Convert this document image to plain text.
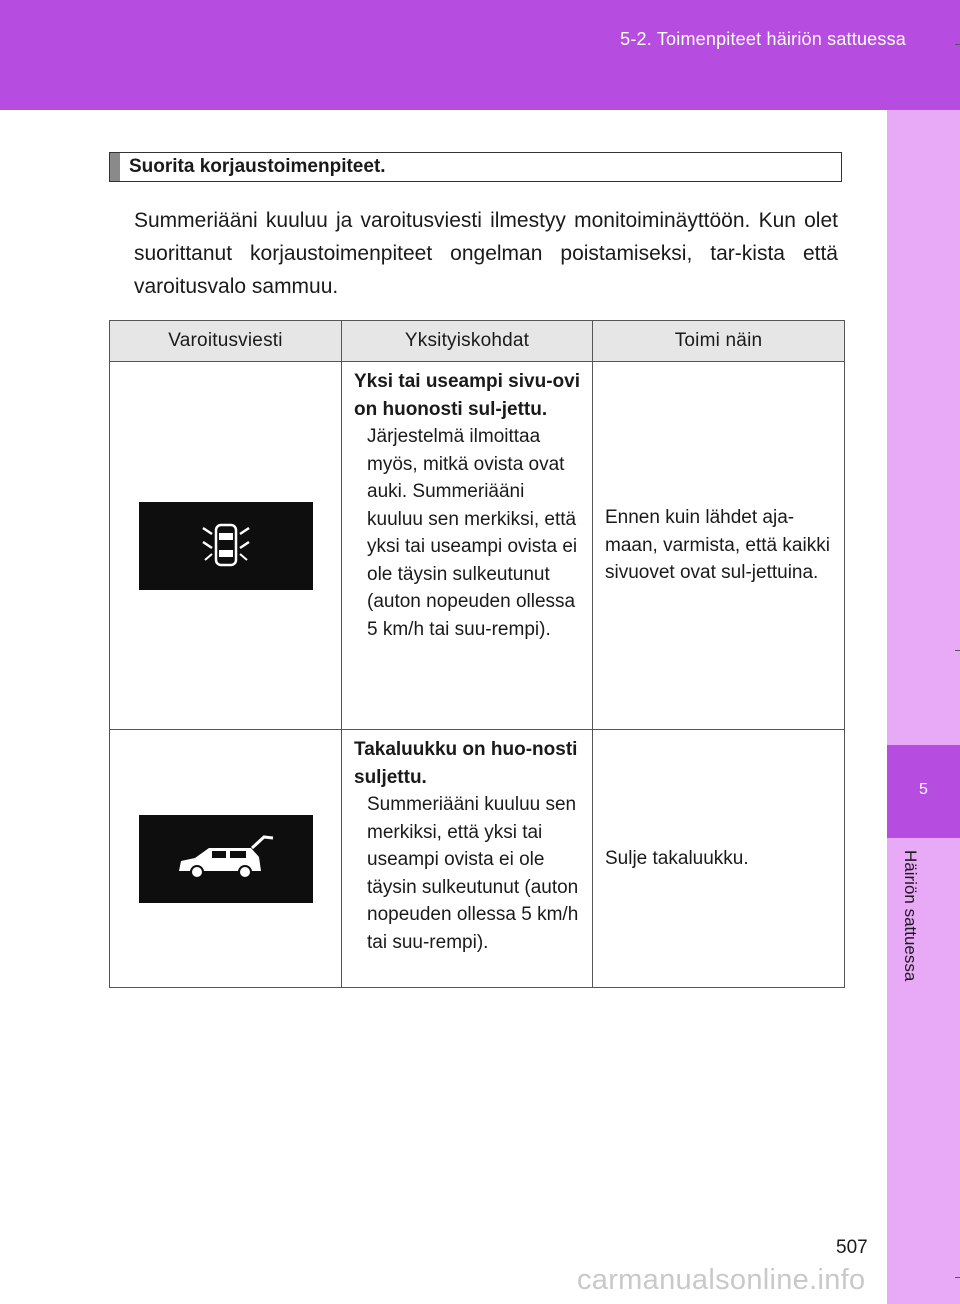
5-2. Toimenpiteet häiriön sattuessa
5
Häiriön sattuessa
Suorita korjaustoimenpiteet.
Summeriääni kuuluu ja varoitusviesti ilmestyy monitoiminäyttöön. Kun olet suorittanut korjaustoimenpiteet ongelman poistamiseksi, tar-kista että varoitusvalo sammuu.
Varoitusviesti	Yksityiskohdat	Toimi näin

Yksi tai useampi sivu-ovi on huonosti sul-jettu.
Järjestelmä ilmoittaa myös, mitkä ovista ovat auki. Summeriääni kuuluu sen merkiksi, että yksi tai useampi ovista ei ole täysin sulkeutunut (auton nopeuden ollessa 5 km/h tai suu-rempi).	Ennen kuin lähdet aja-maan, varmista, että kaikki sivuovet ovat sul-jettuina.

Takaluukku on huo-nosti suljettu.
Summeriääni kuuluu sen merkiksi, että yksi tai useampi ovista ei ole täysin sulkeutunut (auton nopeuden ollessa 5 km/h tai suu-rempi).	Sulje takaluukku.
507
carmanualsonline.info
